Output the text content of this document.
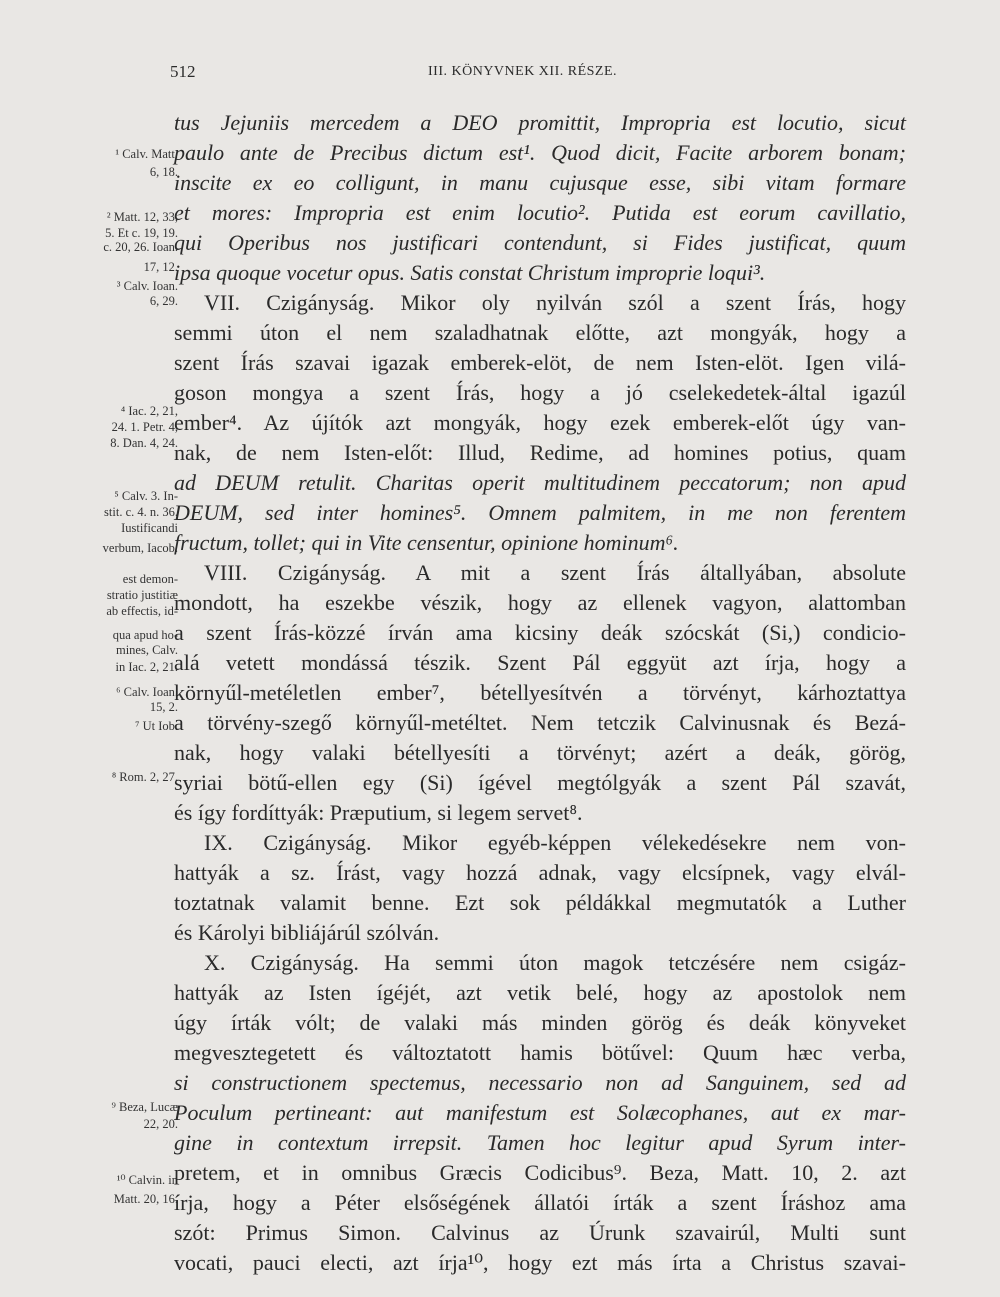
512	III. KÖNYVNEK XII. RÉSZE.
¹ Calv. Matt.
6, 18.
² Matt. 12, 33,
5. Et c. 19, 19.
c. 20, 26. Ioan.
17, 12.
³ Calv. Ioan.
6, 29.
⁴ Iac. 2, 21,
24. 1. Petr. 4,
8. Dan. 4, 24.
⁵ Calv. 3. In-
stit. c. 4. n. 36.
Iustificandi
verbum, Iacob.
est demon-
stratio justitiæ
ab effectis, id-
qua apud ho-
mines, Calv.
in Iac. 2, 21.
⁶ Calv. Ioan.
15, 2.
⁷ Ut Iob.
⁸ Rom. 2, 27.
⁹ Beza, Lucæ
22, 20.
¹⁰ Calvin. in
Matt. 20, 16.
tus Jejuniis mercedem a DEO promittit, Impropria est locutio, sicut
paulo ante de Precibus dictum est¹. Quod dicit, Facite arborem bonam;
inscite ex eo colligunt, in manu cujusque esse, sibi vitam formare
et mores: Impropria est enim locutio². Putida est eorum cavillatio,
qui Operibus nos justificari contendunt, si Fides justificat, quum
ipsa quoque vocetur opus. Satis constat Christum improprie loqui³.
VII. Czigányság. Mikor oly nyilván szól a szent Írás, hogy
semmi úton el nem szaladhatnak előtte, azt mongyák, hogy a
szent Írás szavai igazak emberek-elöt, de nem Isten-elöt. Igen vilá-
goson mongya a szent Írás, hogy a jó cselekedetek-által igazúl
ember⁴. Az újítók azt mongyák, hogy ezek emberek-előt úgy van-
nak, de nem Isten-előt: Illud, Redime, ad homines potius, quam
ad DEUM retulit. Charitas operit multitudinem peccatorum; non apud
DEUM, sed inter homines⁵. Omnem palmitem, in me non ferentem
fructum, tollet; qui in Vite censentur, opinione hominum⁶.
VIII. Czigányság. A mit a szent Írás általlyában, absolute
mondott, ha eszekbe vészik, hogy az ellenek vagyon, alattomban
a szent Írás-közzé írván ama kicsiny deák szócskát (Si,) condicio-
alá vetett mondássá tészik. Szent Pál eggyüt azt írja, hogy a
környűl-metéletlen ember⁷, bétellyesítvén a törvényt, kárhoztattya
a törvény-szegő környűl-metéltet. Nem tetczik Calvinusnak és Bezá-
nak, hogy valaki bétellyesíti a törvényt; azért a deák, görög,
syriai bötű-ellen egy (Si) ígével megtólgyák a szent Pál szavát,
és így fordíttyák: Præputium, si legem servet⁸.
IX. Czigányság. Mikor egyéb-képpen vélekedésekre nem von-
hattyák a sz. Írást, vagy hozzá adnak, vagy elcsípnek, vagy elvál-
toztatnak valamit benne. Ezt sok példákkal megmutatók a Luther
és Károlyi bibliájárúl szólván.
X. Czigányság. Ha semmi úton magok tetczésére nem csigáz-
hattyák az Isten ígéjét, azt vetik belé, hogy az apostolok nem
úgy írták vólt; de valaki más minden görög és deák könyveket
megvesztegetett és változtatott hamis bötűvel: Quum hæc verba,
si constructionem spectemus, necessario non ad Sanguinem, sed ad
Poculum pertineant: aut manifestum est Solæcophanes, aut ex mar-
gine in contextum irrepsit. Tamen hoc legitur apud Syrum inter-
pretem, et in omnibus Græcis Codicibus⁹. Beza, Matt. 10, 2. azt
írja, hogy a Péter elsőségének állatói írták a szent Íráshoz ama
szót: Primus Simon. Calvinus az Úrunk szavairúl, Multi sunt
vocati, pauci electi, azt írja¹⁰, hogy ezt más írta a Christus szavai-
